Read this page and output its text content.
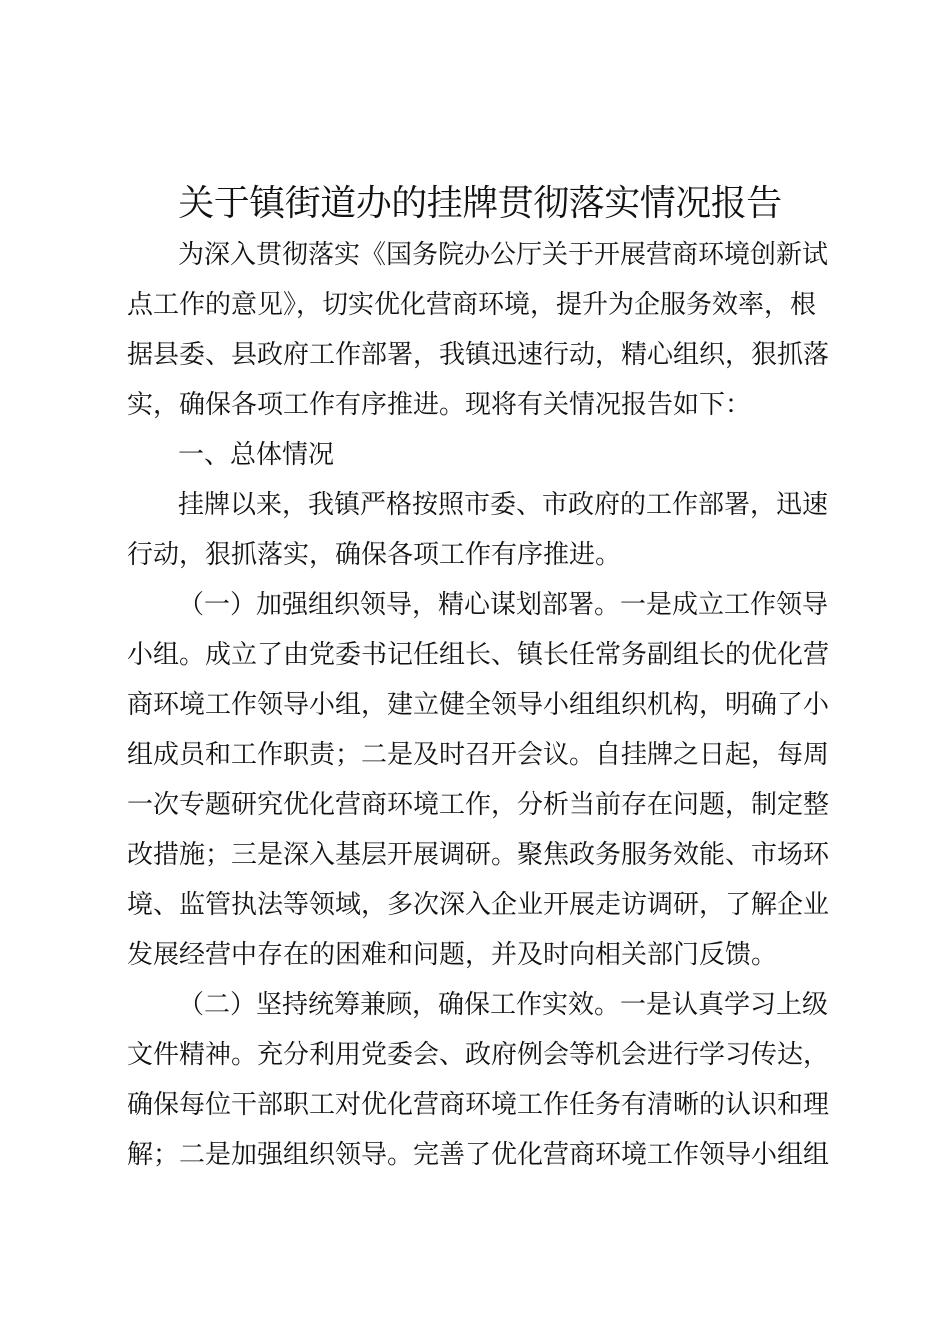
关于镇街道办的挂牌贯彻落实情况报告
为深入贯彻落实《国务院办公厅关于开展营商环境创新试
点工作的意见》，切实优化营商环境，提升为企服务效率，根
据县委、县政府工作部署，我镇迅速行动，精心组织，狠抓落
实，确保各项工作有序推进。现将有关情况报告如下：
一、总体情况
挂牌以来，我镇严格按照市委、市政府的工作部署，迅速
行动，狠抓落实，确保各项工作有序推进。
（一）加强组织领导，精心谋划部署。一是成立工作领导
小组。成立了由党委书记任组长、镇长任常务副组长的优化营
商环境工作领导小组，建立健全领导小组组织机构，明确了小
组成员和工作职责；二是及时召开会议。自挂牌之日起，每周
一次专题研究优化营商环境工作，分析当前存在问题，制定整
改措施；三是深入基层开展调研。聚焦政务服务效能、市场环
境、监管执法等领域，多次深入企业开展走访调研，了解企业
发展经营中存在的困难和问题，并及时向相关部门反馈。
（二）坚持统筹兼顾，确保工作实效。一是认真学习上级
文件精神。充分利用党委会、政府例会等机会进行学习传达，
确保每位干部职工对优化营商环境工作任务有清晰的认识和理
解；二是加强组织领导。完善了优化营商环境工作领导小组组
